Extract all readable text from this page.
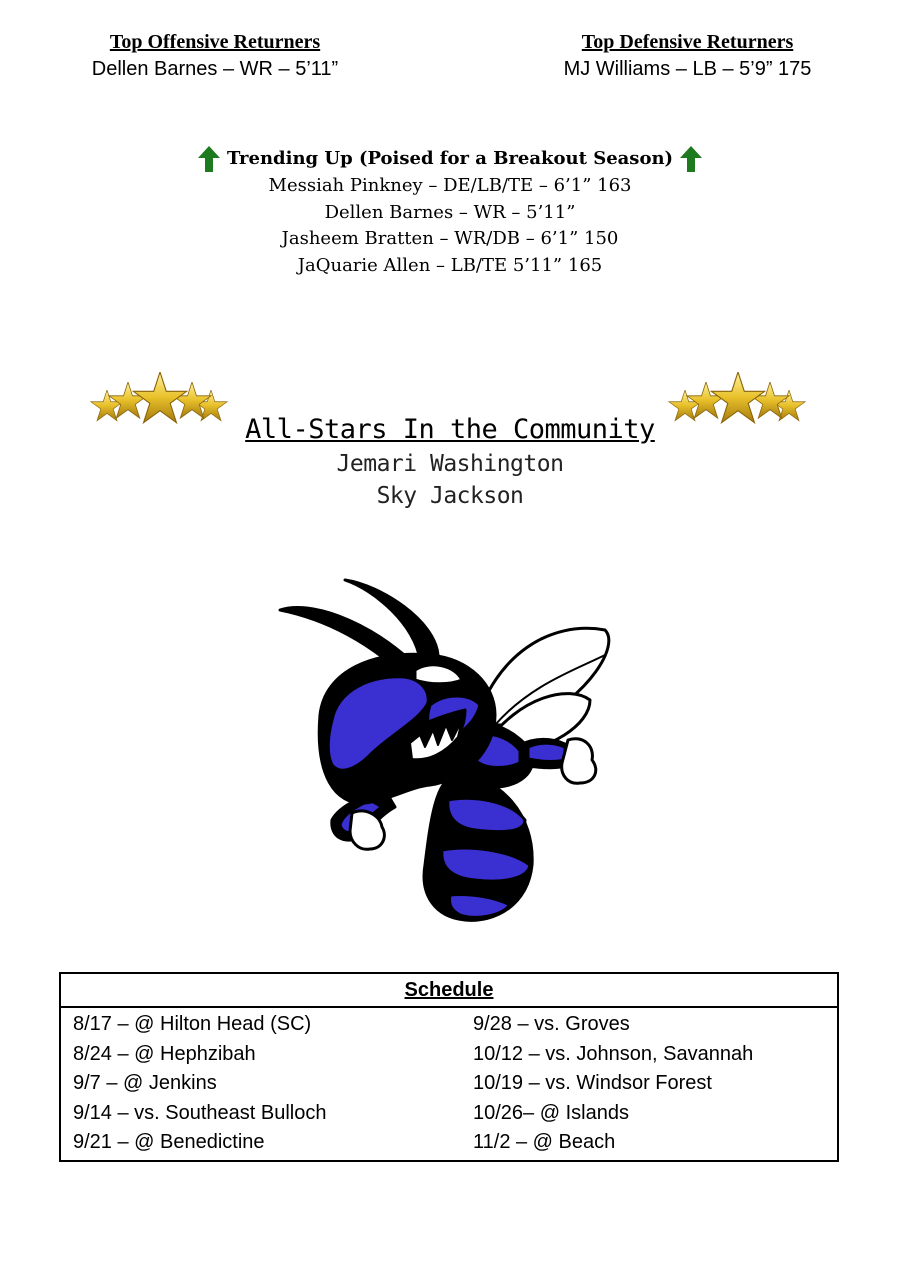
Top Offensive Returners
Dellen Barnes – WR – 5’11”
Top Defensive Returners
MJ Williams – LB – 5’9” 175
Trending Up (Poised for a Breakout Season)
Messiah Pinkney – DE/LB/TE – 6’1” 163
Dellen Barnes – WR – 5’11”
Jasheem Bratten – WR/DB – 6’1” 150
JaQuarie Allen – LB/TE 5’11” 165
All-Stars In the Community
Jemari Washington
Sky Jackson
Schedule
8/17 – @ Hilton Head (SC)
8/24 – @ Hephzibah
9/7 – @ Jenkins
9/14 – vs. Southeast Bulloch
9/21 – @ Benedictine
9/28 – vs. Groves
10/12 – vs. Johnson, Savannah
10/19 – vs. Windsor Forest
10/26– @ Islands
11/2 – @ Beach
